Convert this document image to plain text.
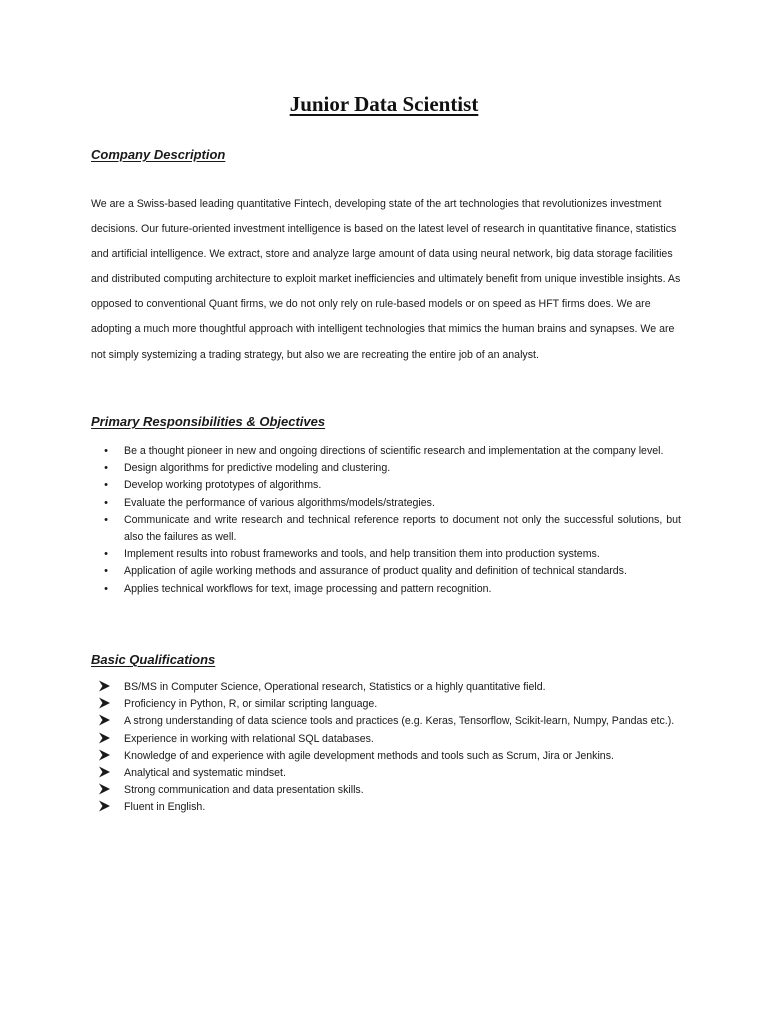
Junior Data Scientist
Company Description

We are a Swiss-based leading quantitative Fintech, developing state of the art technologies that revolutionizes investment decisions. Our future-oriented investment intelligence is based on the latest level of research in quantitative finance, statistics and artificial intelligence. We extract, store and analyze large amount of data using neural network, big data storage facilities and distributed computing architecture to exploit market inefficiencies and ultimately benefit from unique investible insights. As opposed to conventional Quant firms, we do not only rely on rule-based models or on speed as HFT firms does. We are adopting a much more thoughtful approach with intelligent technologies that mimics the human brains and synapses. We are not simply systemizing a trading strategy, but also we are recreating the entire job of an analyst.

Primary Responsibilities & Objectives
•	Be a thought pioneer in new and ongoing directions of scientific research and implementation at the company level.
•	Design algorithms for predictive modeling and clustering.
•	Develop working prototypes of algorithms.
•	Evaluate the performance of various algorithms/models/strategies.
•	Communicate and write research and technical reference reports to document not only the successful solutions, but also the failures as well.
•	Implement results into robust frameworks and tools, and help transition them into production systems.
•	Application of agile working methods and assurance of product quality and definition of technical standards.
•	Applies technical workflows for text, image processing and pattern recognition.
Basic Qualifications
BS/MS in Computer Science, Operational research, Statistics or a highly quantitative field.
Proficiency in Python, R, or similar scripting language.
A strong understanding of data science tools and practices (e.g. Keras, Tensorflow, Scikit-learn, Numpy, Pandas etc.).
Experience in working with relational SQL databases.
Knowledge of and experience with agile development methods and tools such as Scrum, Jira or Jenkins.
Analytical and systematic mindset.
Strong communication and data presentation skills.
Fluent in English.
